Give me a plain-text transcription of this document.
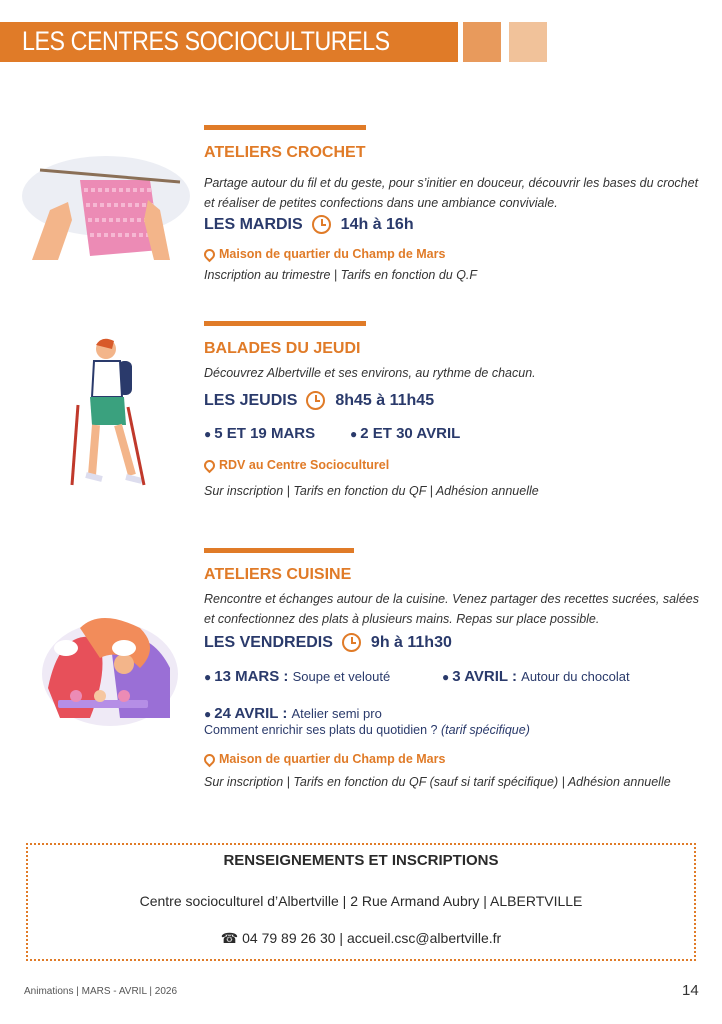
LES CENTRES SOCIOCULTURELS
ATELIERS CROCHET
Partage autour du fil et du geste, pour s’initier en douceur, découvrir les bases du crochet et réaliser de petites confections dans une ambiance conviviale.
LES MARDIS 14h à 16h
Maison de quartier du Champ de Mars
Inscription au trimestre | Tarifs en fonction du Q.F
BALADES DU JEUDI
Découvrez Albertville et ses environs, au rythme de chacun.
LES JEUDIS 8h45 à 11h45
● 5 ET 19 MARS	● 2 ET 30 AVRIL
RDV au Centre Socioculturel
Sur inscription | Tarifs en fonction du QF | Adhésion annuelle
ATELIERS CUISINE
Rencontre et échanges autour de la cuisine. Venez partager des recettes sucrées, salées et confectionnez des plats à plusieurs mains. Repas sur place possible.
LES VENDREDIS 9h à 11h30
● 13 MARS : Soupe et velouté	● 3 AVRIL : Autour du chocolat
● 24 AVRIL : Atelier semi pro
Comment enrichir ses plats du quotidien ? (tarif spécifique)
Maison de quartier du Champ de Mars
Sur inscription | Tarifs en fonction du QF (sauf si tarif spécifique) | Adhésion annuelle
RENSEIGNEMENTS ET INSCRIPTIONS
Centre socioculturel d’Albertville | 2 Rue Armand Aubry | ALBERTVILLE
☎ 04 79 89 26 30 | accueil.csc@albertville.fr
Animations | MARS - AVRIL | 2026	14
